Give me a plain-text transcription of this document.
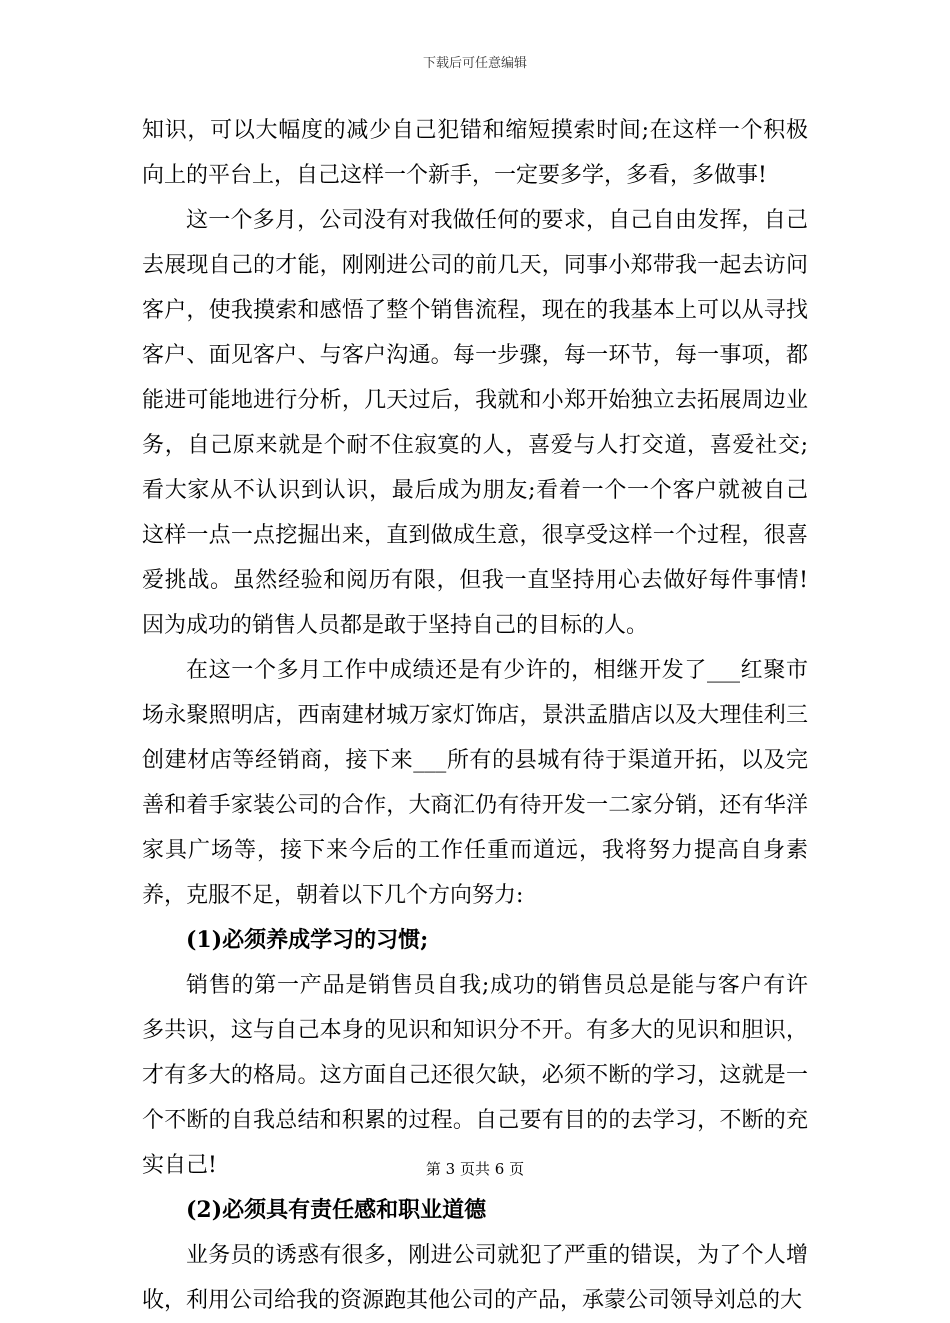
下载后可任意编辑

知识，可以大幅度的减少自己犯错和缩短摸索时间;在这样一个积极向上的平台上，自己这样一个新手，一定要多学，多看，多做事!

这一个多月，公司没有对我做任何的要求，自己自由发挥，自己去展现自己的才能，刚刚进公司的前几天，同事小郑带我一起去访问客户，使我摸索和感悟了整个销售流程，现在的我基本上可以从寻找客户、面见客户、与客户沟通。每一步骤，每一环节，每一事项，都能进可能地进行分析，几天过后，我就和小郑开始独立去拓展周边业务，自己原来就是个耐不住寂寞的人，喜爱与人打交道，喜爱社交;看大家从不认识到认识，最后成为朋友;看着一个一个客户就被自己这样一点一点挖掘出来，直到做成生意，很享受这样一个过程，很喜爱挑战。虽然经验和阅历有限，但我一直坚持用心去做好每件事情!因为成功的销售人员都是敢于坚持自己的目标的人。

在这一个多月工作中成绩还是有少许的，相继开发了___红聚市场永聚照明店，西南建材城万家灯饰店，景洪孟腊店以及大理佳利三创建材店等经销商，接下来___所有的县城有待于渠道开拓，以及完善和着手家装公司的合作，大商汇仍有待开发一二家分销，还有华洋家具广场等，接下来今后的工作任重而道远，我将努力提高自身素养，克服不足，朝着以下几个方向努力:

(1)必须养成学习的习惯;

销售的第一产品是销售员自我;成功的销售员总是能与客户有许多共识，这与自己本身的见识和知识分不开。有多大的见识和胆识，才有多大的格局。这方面自己还很欠缺，必须不断的学习，这就是一个不断的自我总结和积累的过程。自己要有目的的去学习，不断的充实自己!

(2)必须具有责任感和职业道德

业务员的诱惑有很多，刚进公司就犯了严重的错误，为了个人增收，利用公司给我的资源跑其他公司的产品，承蒙公司领导刘总的大

第 3 页共 6 页
